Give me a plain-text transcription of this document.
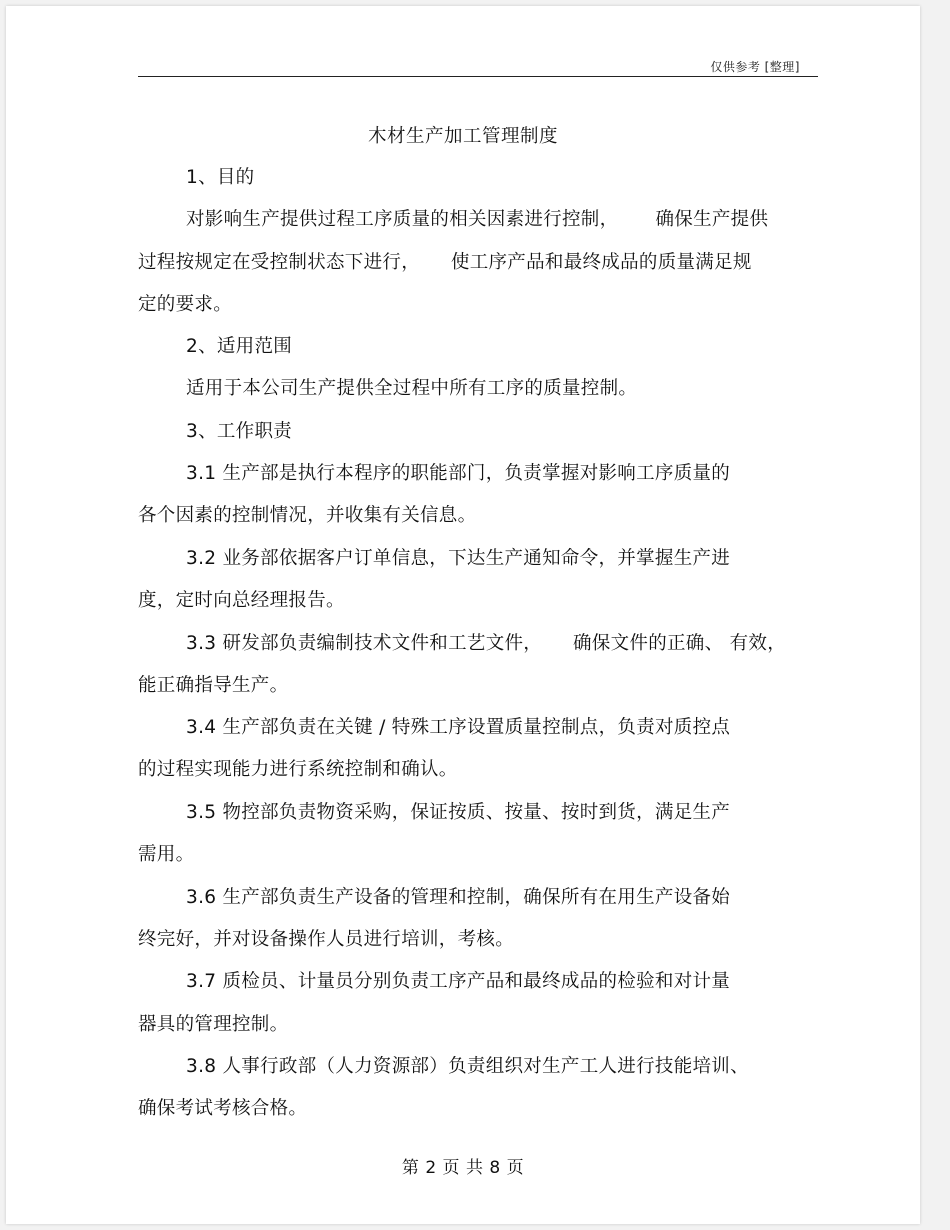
仅供参考 [整理]
木材生产加工管理制度
1、目的
对影响生产提供过程工序质量的相关因素进行控制，      确保生产提供
过程按规定在受控制状态下进行，     使工序产品和最终成品的质量满足规
定的要求。
2、适用范围
适用于本公司生产提供全过程中所有工序的质量控制。
3、工作职责
3.1 生产部是执行本程序的职能部门，负责掌握对影响工序质量的
各个因素的控制情况，并收集有关信息。
3.2 业务部依据客户订单信息，下达生产通知命令，并掌握生产进
度，定时向总经理报告。
3.3 研发部负责编制技术文件和工艺文件，     确保文件的正确、 有效，
能正确指导生产。
3.4 生产部负责在关键 / 特殊工序设置质量控制点，负责对质控点
的过程实现能力进行系统控制和确认。
3.5 物控部负责物资采购，保证按质、按量、按时到货，满足生产
需用。
3.6 生产部负责生产设备的管理和控制，确保所有在用生产设备始
终完好，并对设备操作人员进行培训，考核。
3.7 质检员、计量员分别负责工序产品和最终成品的检验和对计量
器具的管理控制。
3.8 人事行政部（人力资源部）负责组织对生产工人进行技能培训、
确保考试考核合格。
第 2 页 共 8 页
